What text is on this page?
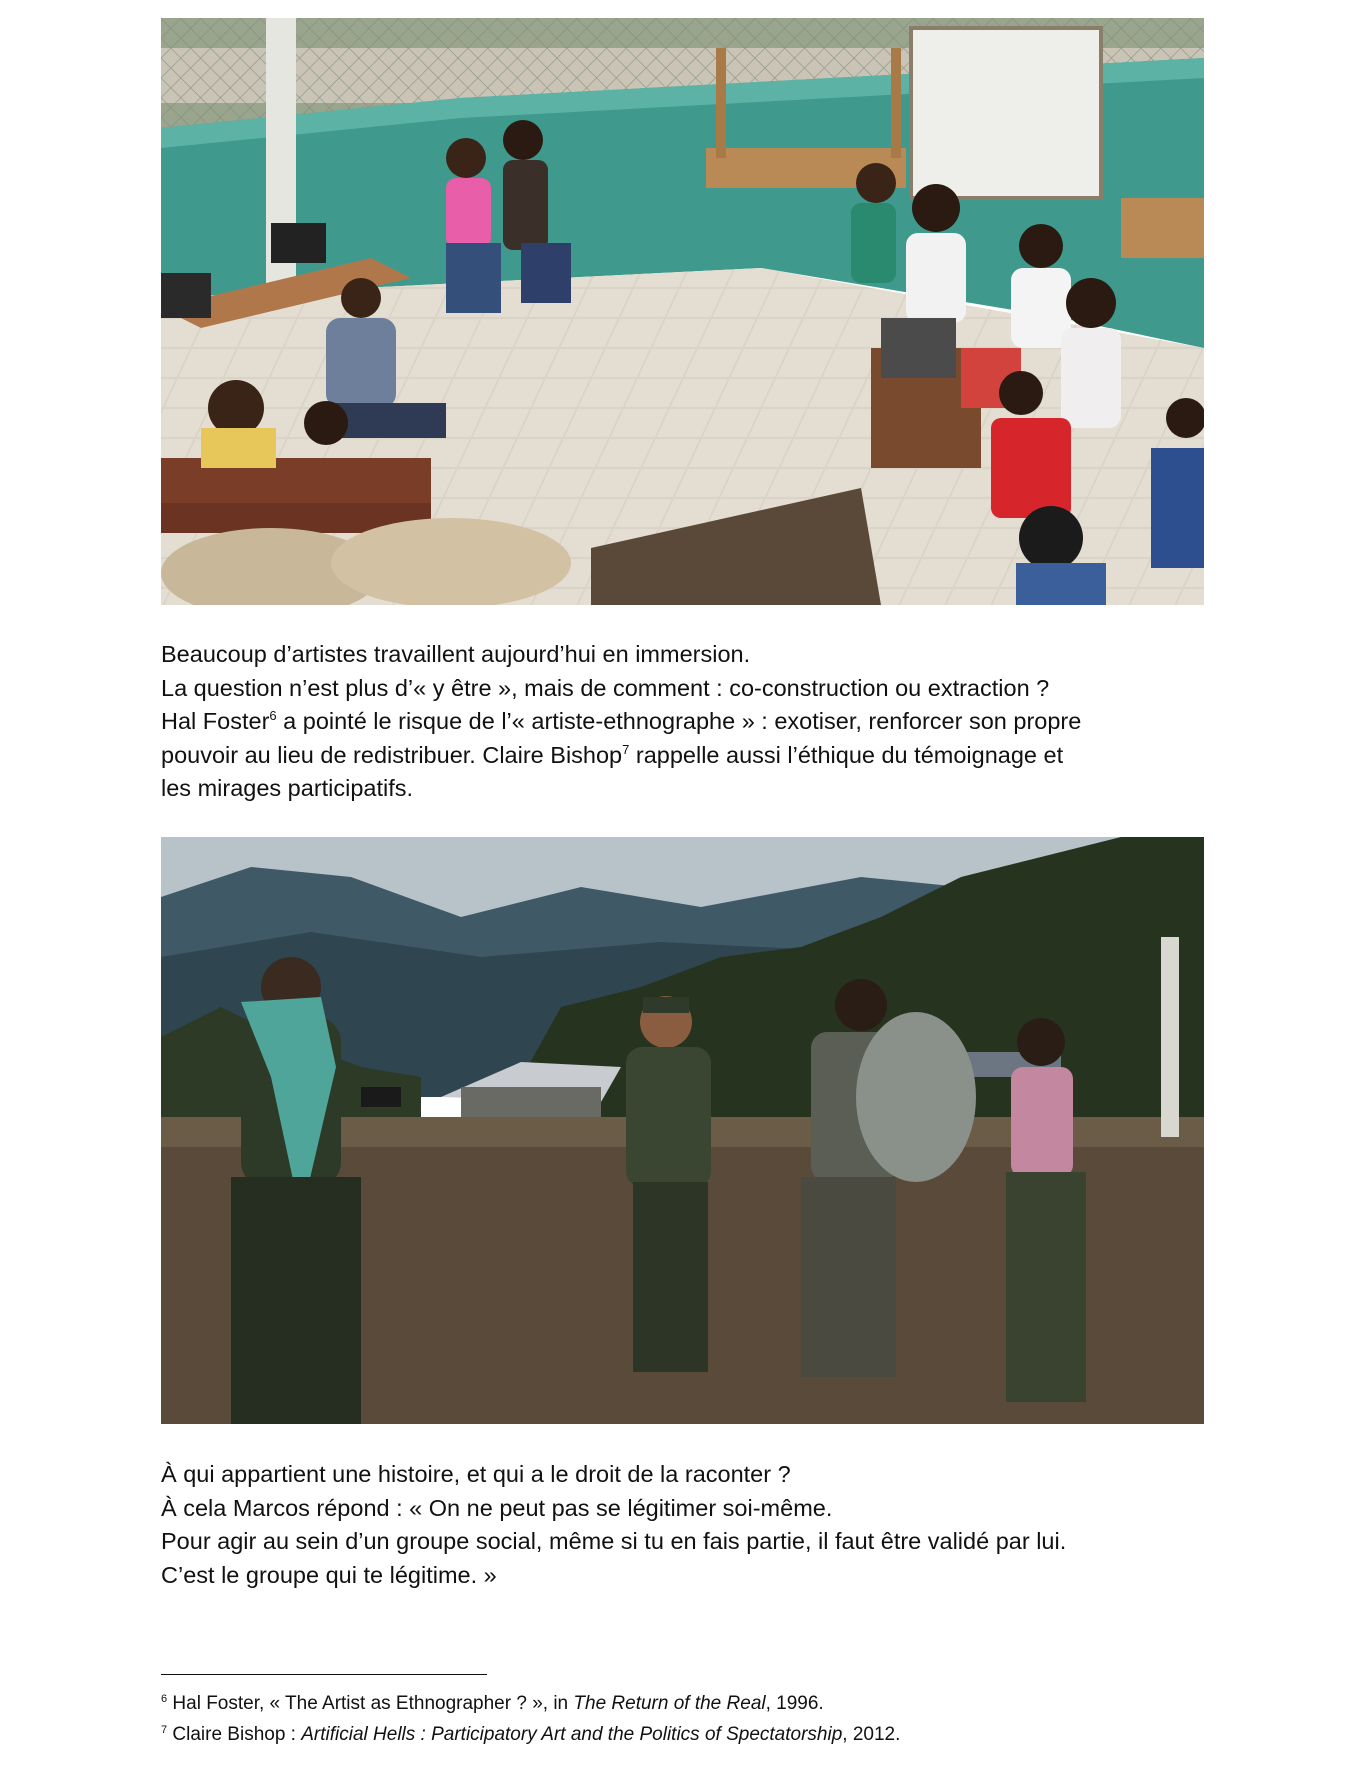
Beaucoup d’artistes travaillent aujourd’hui en immersion.
La question n’est plus d’« y être », mais de comment : co-construction ou extraction ?
Hal Foster$^6$ a pointé le risque de l’« artiste-ethnographe » : exotiser, renforcer son propre
pouvoir au lieu de redistribuer. Claire Bishop$^7$ rappelle aussi l’éthique du témoignage et
les mirages participatifs.
À qui appartient une histoire, et qui a le droit de la raconter ?
À cela Marcos répond : « On ne peut pas se légitimer soi-même.
Pour agir au sein d’un groupe social, même si tu en fais partie, il faut être validé par lui.
C’est le groupe qui te légitime. »
$^6$ Hal Foster, « The Artist as Ethnographer ? », in The Return of the Real, 1996.
$^7$ Claire Bishop : Artificial Hells : Participatory Art and the Politics of Spectatorship, 2012.
